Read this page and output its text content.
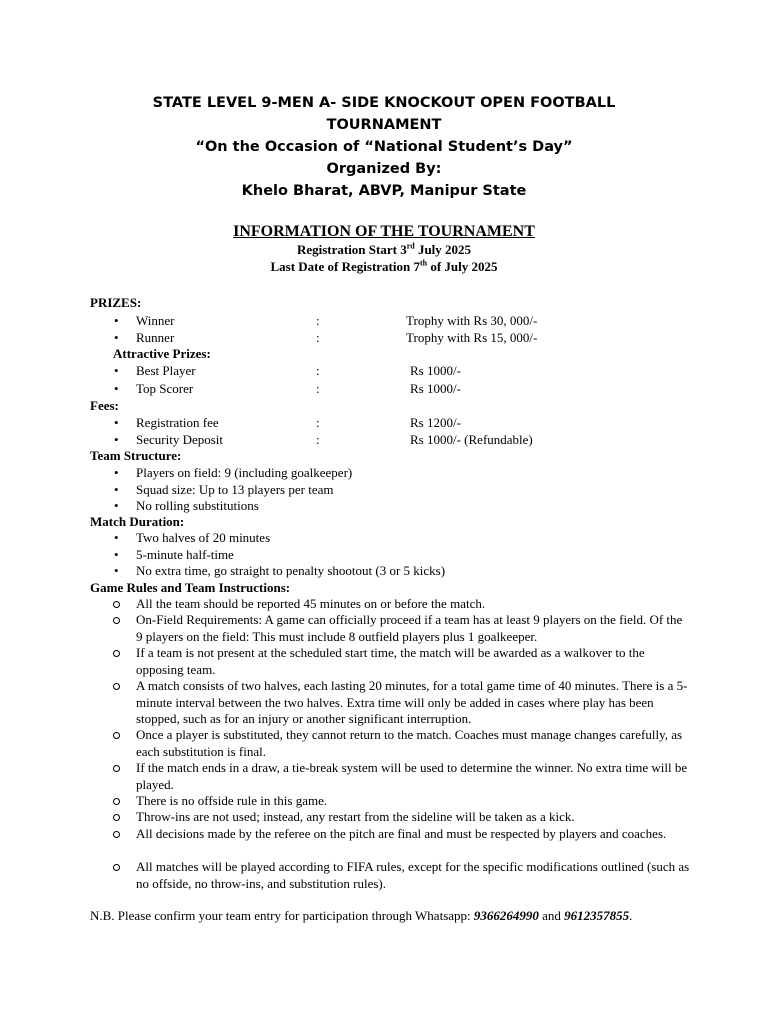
STATE LEVEL 9-MEN A- SIDE KNOCKOUT OPEN FOOTBALL
TOURNAMENT
“On the Occasion of “National Student’s Day”
Organized By:
Khelo Bharat, ABVP, Manipur State
INFORMATION OF THE TOURNAMENT
Registration Start 3rd July 2025
Last Date of Registration 7th of July 2025
PRIZES:
• Winner	:	Trophy with Rs 30, 000/-
• Runner	:	Trophy with Rs 15, 000/-
Attractive Prizes:
• Best Player	:	Rs 1000/-
• Top Scorer	:	Rs 1000/-
Fees:
• Registration fee	:	Rs 1200/-
• Security Deposit	:	Rs 1000/- (Refundable)
Team Structure:
• Players on field: 9 (including goalkeeper)
• Squad size: Up to 13 players per team
• No rolling substitutions
Match Duration:
• Two halves of 20 minutes
• 5-minute half-time
• No extra time, go straight to penalty shootout (3 or 5 kicks)
Game Rules and Team Instructions:
All the team should be reported 45 minutes on or before the match.
On-Field Requirements: A game can officially proceed if a team has at least 9 players on the field. Of the 9 players on the field: This must include 8 outfield players plus 1 goalkeeper.
If a team is not present at the scheduled start time, the match will be awarded as a walkover to the opposing team.
A match consists of two halves, each lasting 20 minutes, for a total game time of 40 minutes. There is a 5-minute interval between the two halves. Extra time will only be added in cases where play has been stopped, such as for an injury or another significant interruption.
Once a player is substituted, they cannot return to the match. Coaches must manage changes carefully, as each substitution is final.
If the match ends in a draw, a tie-break system will be used to determine the winner. No extra time will be played.
There is no offside rule in this game.
Throw-ins are not used; instead, any restart from the sideline will be taken as a kick.
All decisions made by the referee on the pitch are final and must be respected by players and coaches.
All matches will be played according to FIFA rules, except for the specific modifications outlined (such as no offside, no throw-ins, and substitution rules).
N.B. Please confirm your team entry for participation through Whatsapp: 9366264990 and 9612357855.
